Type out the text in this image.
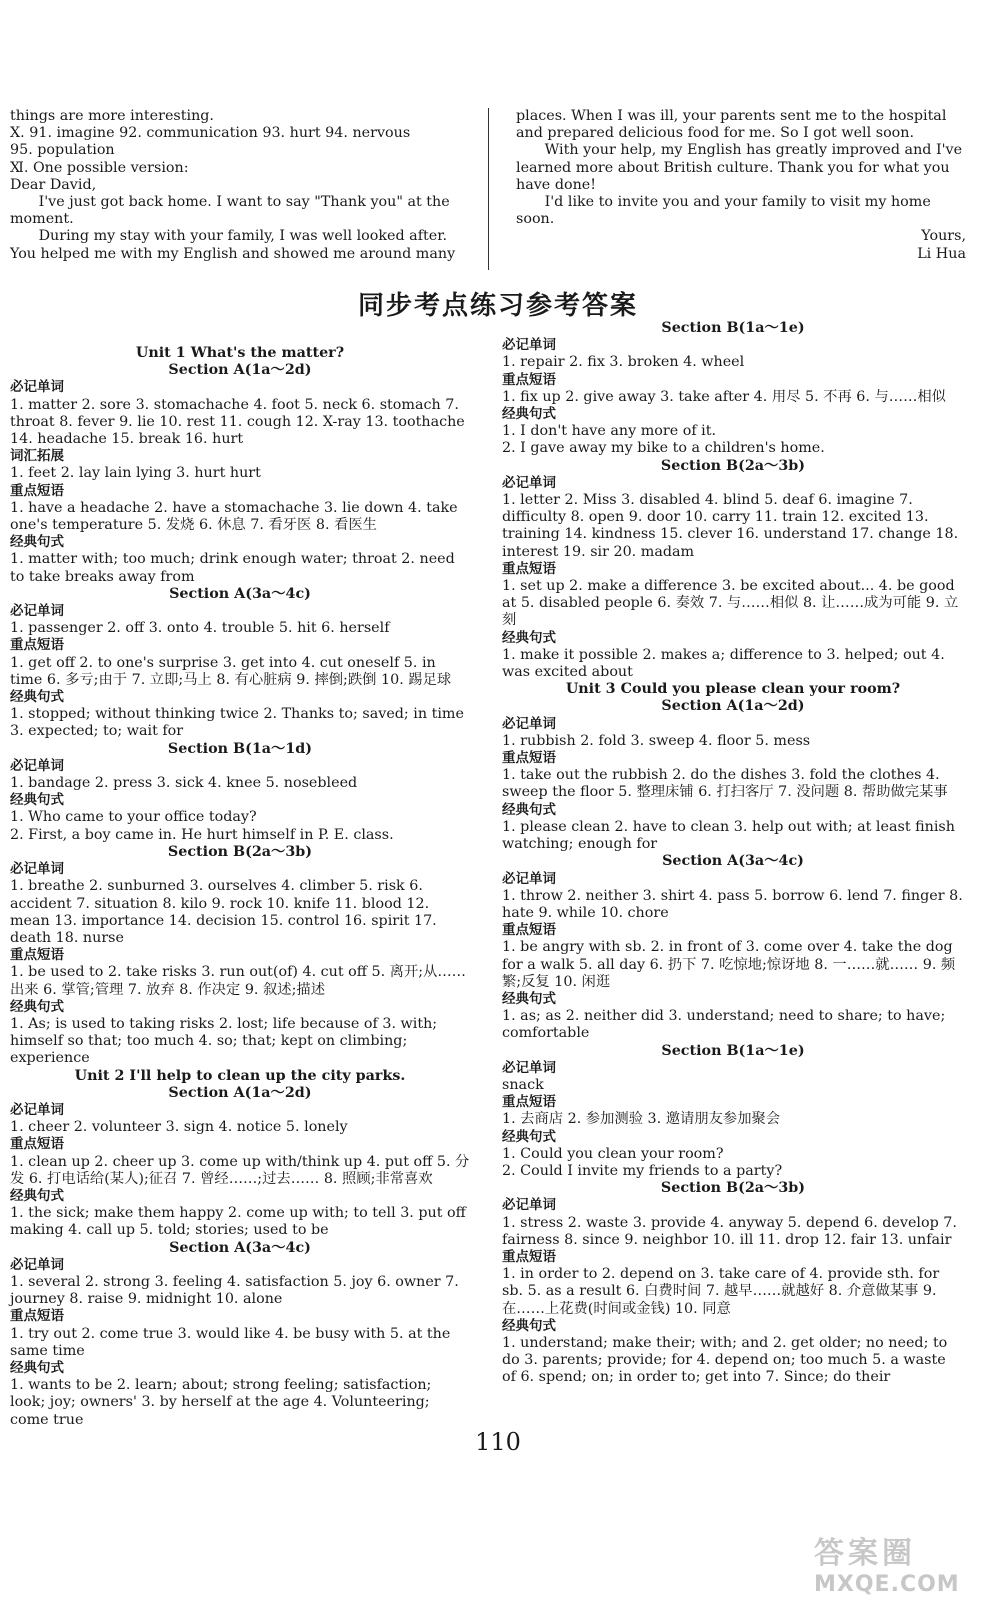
things are more interesting.
Ⅹ. 91. imagine 92. communication 93. hurt 94. nervous
95. population
Ⅺ. One possible version:
Dear David,
I've just got back home. I want to say "Thank you" at the moment.
During my stay with your family, I was well looked after. You helped me with my English and showed me around many
places. When I was ill, your parents sent me to the hospital and prepared delicious food for me. So I got well soon.
With your help, my English has greatly improved and I've learned more about British culture. Thank you for what you have done!
I'd like to invite you and your family to visit my home soon.
Yours,
Li Hua
同步考点练习参考答案
Unit 1 What's the matter?
Section A(1a～2d)
必记单词
1. matter 2. sore 3. stomachache 4. foot 5. neck 6. stomach 7. throat 8. fever 9. lie 10. rest 11. cough 12. X-ray 13. toothache 14. headache 15. break 16. hurt
词汇拓展
1. feet 2. lay lain lying 3. hurt hurt
重点短语
1. have a headache 2. have a stomachache 3. lie down 4. take one's temperature 5. 发烧 6. 休息 7. 看牙医 8. 看医生
经典句式
1. matter with; too much; drink enough water; throat 2. need to take breaks away from
Section A(3a～4c)
必记单词
1. passenger 2. off 3. onto 4. trouble 5. hit 6. herself
重点短语
1. get off 2. to one's surprise 3. get into 4. cut oneself 5. in time 6. 多亏;由于 7. 立即;马上 8. 有心脏病 9. 摔倒;跌倒 10. 踢足球
经典句式
1. stopped; without thinking twice 2. Thanks to; saved; in time 3. expected; to; wait for
Section B(1a～1d)
必记单词
1. bandage 2. press 3. sick 4. knee 5. nosebleed
经典句式
1. Who came to your office today?
2. First, a boy came in. He hurt himself in P. E. class.
Section B(2a～3b)
必记单词
1. breathe 2. sunburned 3. ourselves 4. climber 5. risk 6. accident 7. situation 8. kilo 9. rock 10. knife 11. blood 12. mean 13. importance 14. decision 15. control 16. spirit 17. death 18. nurse
重点短语
1. be used to 2. take risks 3. run out(of) 4. cut off 5. 离开;从……出来 6. 掌管;管理 7. 放弃 8. 作决定 9. 叙述;描述
经典句式
1. As; is used to taking risks 2. lost; life because of 3. with; himself so that; too much 4. so; that; kept on climbing; experience
Unit 2 I'll help to clean up the city parks.
Section A(1a～2d)
必记单词
1. cheer 2. volunteer 3. sign 4. notice 5. lonely
重点短语
1. clean up 2. cheer up 3. come up with/think up 4. put off 5. 分发 6. 打电话给(某人);征召 7. 曾经……;过去…… 8. 照顾;非常喜欢
经典句式
1. the sick; make them happy 2. come up with; to tell 3. put off making 4. call up 5. told; stories; used to be
Section A(3a～4c)
必记单词
1. several 2. strong 3. feeling 4. satisfaction 5. joy 6. owner 7. journey 8. raise 9. midnight 10. alone
重点短语
1. try out 2. come true 3. would like 4. be busy with 5. at the same time
经典句式
1. wants to be 2. learn; about; strong feeling; satisfaction; look; joy; owners' 3. by herself at the age 4. Volunteering; come true
Section B(1a～1e)
必记单词
1. repair 2. fix 3. broken 4. wheel
重点短语
1. fix up 2. give away 3. take after 4. 用尽 5. 不再 6. 与……相似
经典句式
1. I don't have any more of it.
2. I gave away my bike to a children's home.
Section B(2a～3b)
必记单词
1. letter 2. Miss 3. disabled 4. blind 5. deaf 6. imagine 7. difficulty 8. open 9. door 10. carry 11. train 12. excited 13. training 14. kindness 15. clever 16. understand 17. change 18. interest 19. sir 20. madam
重点短语
1. set up 2. make a difference 3. be excited about... 4. be good at 5. disabled people 6. 奏效 7. 与……相似 8. 让……成为可能 9. 立刻
经典句式
1. make it possible 2. makes a; difference to 3. helped; out 4. was excited about
Unit 3 Could you please clean your room?
Section A(1a～2d)
必记单词
1. rubbish 2. fold 3. sweep 4. floor 5. mess
重点短语
1. take out the rubbish 2. do the dishes 3. fold the clothes 4. sweep the floor 5. 整理床铺 6. 打扫客厅 7. 没问题 8. 帮助做完某事
经典句式
1. please clean 2. have to clean 3. help out with; at least finish watching; enough for
Section A(3a～4c)
必记单词
1. throw 2. neither 3. shirt 4. pass 5. borrow 6. lend 7. finger 8. hate 9. while 10. chore
重点短语
1. be angry with sb. 2. in front of 3. come over 4. take the dog for a walk 5. all day 6. 扔下 7. 吃惊地;惊讶地 8. 一……就…… 9. 频繁;反复 10. 闲逛
经典句式
1. as; as 2. neither did 3. understand; need to share; to have; comfortable
Section B(1a～1e)
必记单词
snack
重点短语
1. 去商店 2. 参加测验 3. 邀请朋友参加聚会
经典句式
1. Could you clean your room?
2. Could I invite my friends to a party?
Section B(2a～3b)
必记单词
1. stress 2. waste 3. provide 4. anyway 5. depend 6. develop 7. fairness 8. since 9. neighbor 10. ill 11. drop 12. fair 13. unfair
重点短语
1. in order to 2. depend on 3. take care of 4. provide sth. for sb. 5. as a result 6. 白费时间 7. 越早……就越好 8. 介意做某事 9. 在……上花费(时间或金钱) 10. 同意
经典句式
1. understand; make their; with; and 2. get older; no need; to do 3. parents; provide; for 4. depend on; too much 5. a waste of 6. spend; on; in order to; get into 7. Since; do their
110
答案圈
MXQE.COM
